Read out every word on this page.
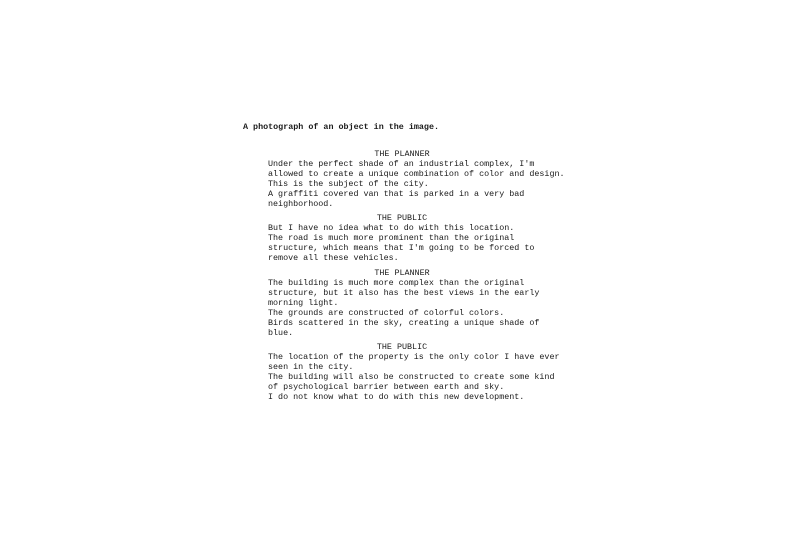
A photograph of an object in the image.
THE PLANNER
Under the perfect shade of an industrial complex, I'm
allowed to create a unique combination of color and design.
This is the subject of the city.
A graffiti covered van that is parked in a very bad
neighborhood.
THE PUBLIC
But I have no idea what to do with this location.
The road is much more prominent than the original
structure, which means that I'm going to be forced to
remove all these vehicles.
THE PLANNER
The building is much more complex than the original
structure, but it also has the best views in the early
morning light.
The grounds are constructed of colorful colors.
Birds scattered in the sky, creating a unique shade of
blue.
THE PUBLIC
The location of the property is the only color I have ever
seen in the city.
The building will also be constructed to create some kind
of psychological barrier between earth and sky.
I do not know what to do with this new development.
